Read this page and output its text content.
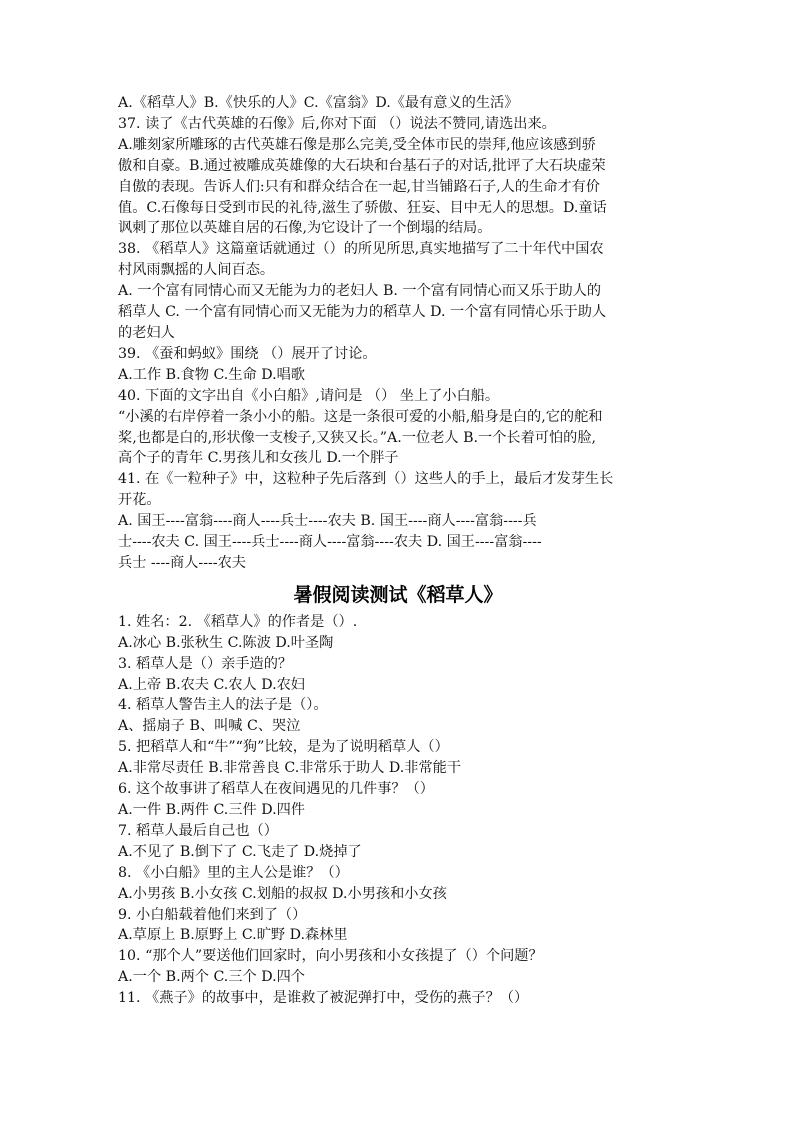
A.《稻草人》B.《快乐的人》C.《富翁》D.《最有意义的生活》
37. 读了《古代英雄的石像》后,你对下面 （）说法不赞同,请选出来。
A.雕刻家所雕琢的古代英雄石像是那么完美,受全体市民的崇拜,他应该感到骄
傲和自豪。B.通过被雕成英雄像的大石块和台基石子的对话,批评了大石块虚荣
自傲的表现。告诉人们:只有和群众结合在一起,甘当铺路石子,人的生命才有价
值。C.石像每日受到市民的礼待,滋生了骄傲、狂妄、目中无人的思想。D.童话
讽刺了那位以英雄自居的石像,为它设计了一个倒塌的结局。
38. 《稻草人》这篇童话就通过（）的所见所思,真实地描写了二十年代中国农
村风雨飘摇的人间百态。
A. 一个富有同情心而又无能为力的老妇人 B. 一个富有同情心而又乐于助人的
稻草人 C. 一个富有同情心而又无能为力的稻草人 D. 一个富有同情心乐于助人
的老妇人
39. 《蚕和蚂蚁》围绕 （）展开了讨论。
A.工作 B.食物 C.生命 D.唱歌
40. 下面的文字出自《小白船》,请问是 （） 坐上了小白船。
“小溪的右岸停着一条小小的船。这是一条很可爱的小船,船身是白的,它的舵和
桨,也都是白的,形状像一支梭子,又狭又长。”A.一位老人 B.一个长着可怕的脸,
高个子的青年 C.男孩儿和女孩儿 D.一个胖子
41. 在《一粒种子》中，这粒种子先后落到（）这些人的手上，最后才发芽生长
开花。
A. 国王----富翁----商人----兵士----农夫 B. 国王----商人----富翁----兵
士----农夫 C. 国王----兵士----商人----富翁----农夫 D. 国王----富翁----
兵士 ----商人----农夫
暑假阅读测试《稻草人》
1. 姓名：2. 《稻草人》的作者是（）.
A.冰心 B.张秋生 C.陈波 D.叶圣陶
3. 稻草人是（）亲手造的？
A.上帝 B.农夫 C.农人 D.农妇
4. 稻草人警告主人的法子是（）。
A、摇扇子 B、叫喊 C、哭泣
5. 把稻草人和“牛”“狗”比较，是为了说明稻草人（）
A.非常尽责任 B.非常善良 C.非常乐于助人 D.非常能干
6. 这个故事讲了稻草人在夜间遇见的几件事？（）
A.一件 B.两件 C.三件 D.四件
7. 稻草人最后自己也（）
A.不见了 B.倒下了 C.飞走了 D.烧掉了
8. 《小白船》里的主人公是谁？（）
A.小男孩 B.小女孩 C.划船的叔叔 D.小男孩和小女孩
9. 小白船载着他们来到了（）
A.草原上 B.原野上 C.旷野 D.森林里
10. “那个人”要送他们回家时，向小男孩和小女孩提了（）个问题？
A.一个 B.两个 C.三个 D.四个
11. 《燕子》的故事中，是谁救了被泥弹打中，受伤的燕子？（）
